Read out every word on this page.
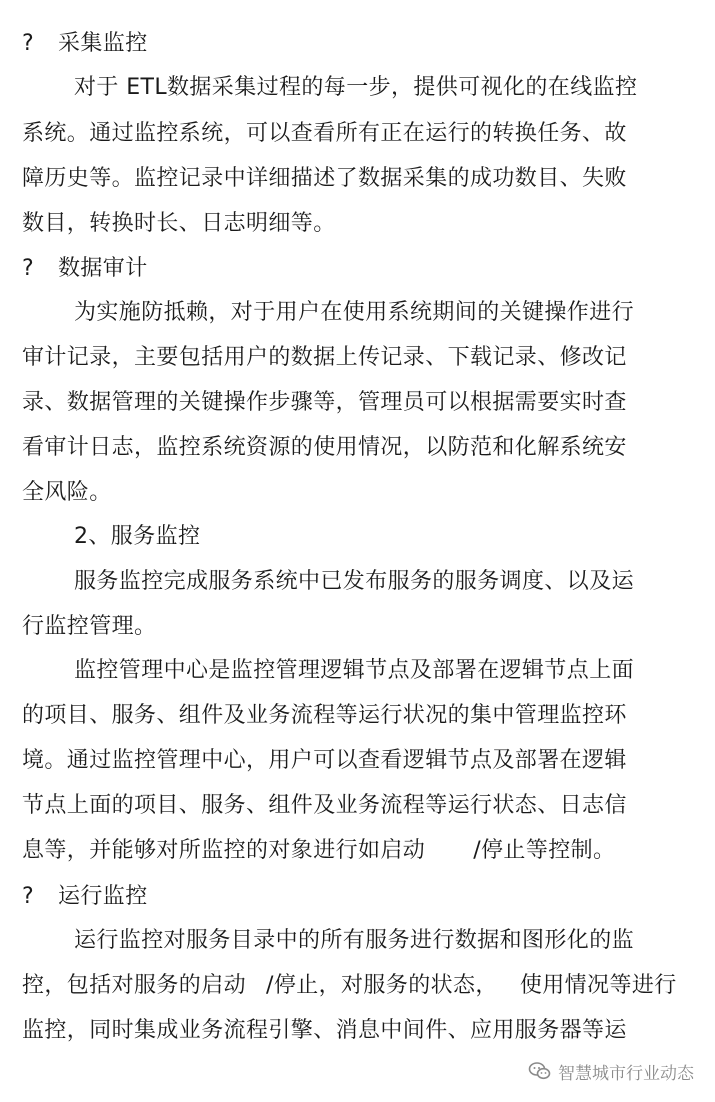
? 采集监控
对于 ETL数据采集过程的每一步，提供可视化的在线监控
系统。通过监控系统，可以查看所有正在运行的转换任务、故
障历史等。监控记录中详细描述了数据采集的成功数目、失败
数目，转换时长、日志明细等。
? 数据审计
为实施防抵赖，对于用户在使用系统期间的关键操作进行
审计记录，主要包括用户的数据上传记录、下载记录、修改记
录、数据管理的关键操作步骤等，管理员可以根据需要实时查
看审计日志，监控系统资源的使用情况，以防范和化解系统安
全风险。
2、服务监控
服务监控完成服务系统中已发布服务的服务调度、以及运
行监控管理。
监控管理中心是监控管理逻辑节点及部署在逻辑节点上面
的项目、服务、组件及业务流程等运行状况的集中管理监控环
境。通过监控管理中心，用户可以查看逻辑节点及部署在逻辑
节点上面的项目、服务、组件及业务流程等运行状态、日志信
息等，并能够对所监控的对象进行如启动 /停止等控制。
? 运行监控
运行监控对服务目录中的所有服务进行数据和图形化的监
控，包括对服务的启动 /停止，对服务的状态， 使用情况等进行
监控，同时集成业务流程引擎、消息中间件、应用服务器等运
智慧城市行业动态
